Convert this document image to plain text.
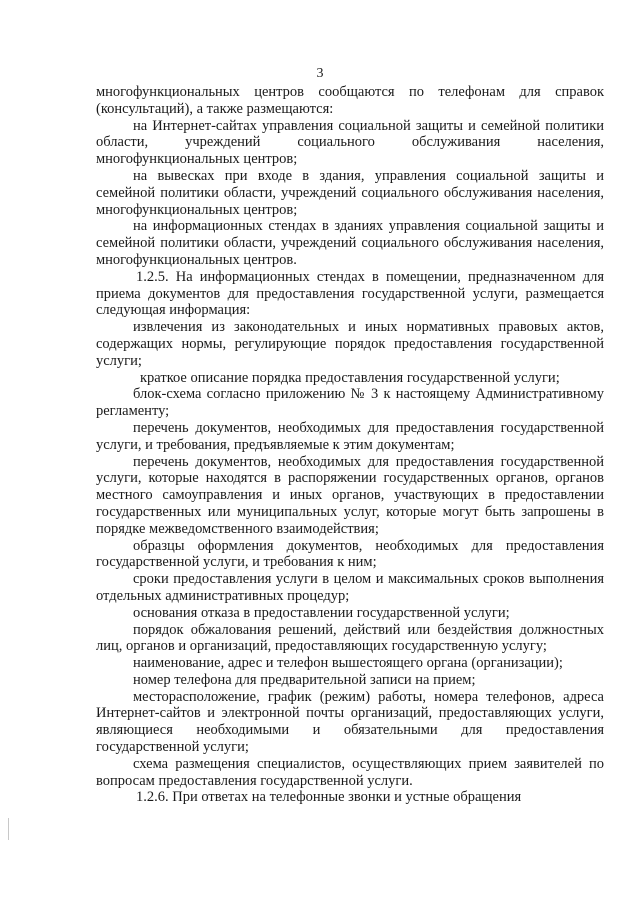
3

многофункциональных центров сообщаются по телефонам для справок (консультаций), а также размещаются:

на Интернет-сайтах управления социальной защиты и семейной политики области, учреждений социального обслуживания населения, многофункциональных центров;

на вывесках при входе в здания, управления социальной защиты и семейной политики области, учреждений социального обслуживания населения, многофункциональных центров;

на информационных стендах в зданиях управления социальной защиты и семейной политики области, учреждений социального обслуживания населения, многофункциональных центров.

1.2.5. На информационных стендах в помещении, предназначенном для приема документов для предоставления государственной услуги, размещается следующая информация:

извлечения из законодательных и иных нормативных правовых актов, содержащих нормы, регулирующие порядок предоставления государственной услуги;

краткое описание порядка предоставления государственной услуги;

блок-схема согласно приложению № 3 к настоящему Административному регламенту;

перечень документов, необходимых для предоставления государственной услуги, и требования, предъявляемые к этим документам;

перечень документов, необходимых для предоставления государственной услуги, которые находятся в распоряжении государственных органов, органов местного самоуправления и иных органов, участвующих в предоставлении государственных или муниципальных услуг, которые могут быть запрошены в порядке межведомственного взаимодействия;

образцы оформления документов, необходимых для предоставления государственной услуги, и требования к ним;

сроки предоставления услуги в целом и максимальных сроков выполнения отдельных административных процедур;

основания отказа в предоставлении государственной услуги;

порядок обжалования решений, действий или бездействия должностных лиц, органов и организаций, предоставляющих государственную услугу;

наименование, адрес и телефон вышестоящего органа (организации);

номер телефона для предварительной записи на прием;

месторасположение, график (режим) работы, номера телефонов, адреса Интернет-сайтов и электронной почты организаций, предоставляющих услуги, являющиеся необходимыми и обязательными для предоставления государственной услуги;

схема размещения специалистов, осуществляющих прием заявителей по вопросам предоставления государственной услуги.

1.2.6. При ответах на телефонные звонки и устные обращения
